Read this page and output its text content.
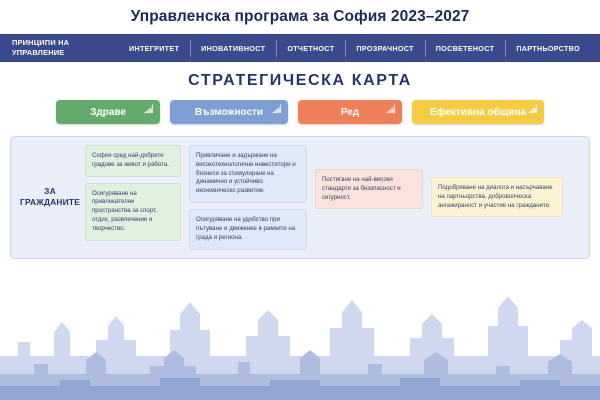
Управленска програма за София 2023–2027
ПРИНЦИПИ НА УПРАВЛЕНИЕ	ИНТЕГРИТЕТ	ИНОВАТИВНОСТ	ОТЧЕТНОСТ	ПРОЗРАЧНОСТ	ПОСВЕТЕНОСТ	ПАРТНЬОРСТВО
СТРАТЕГИЧЕСКА КАРТА
Здраве	Възможности	Ред	Ефективна община
ЗА ГРАЖДАНИТЕ
София сред най-добрите градове за живот и работа.
Осигуряване на привлекателни пространства за спорт, отдих, развлечение и творчество.
Привличане и задържане на високотехнологични инвеститори и бизнеси за стимулиране на динамично и устойчиво икономическо развитие.
Осигуряване на удобство при пътуване и движение в рамките на града и региона.
Постигане на най-високи стандарти за безопасност и сигурност.
Подобряване на диалога и насърчаване на партньорства, доброволческа ангажираност и участие на гражданите.
